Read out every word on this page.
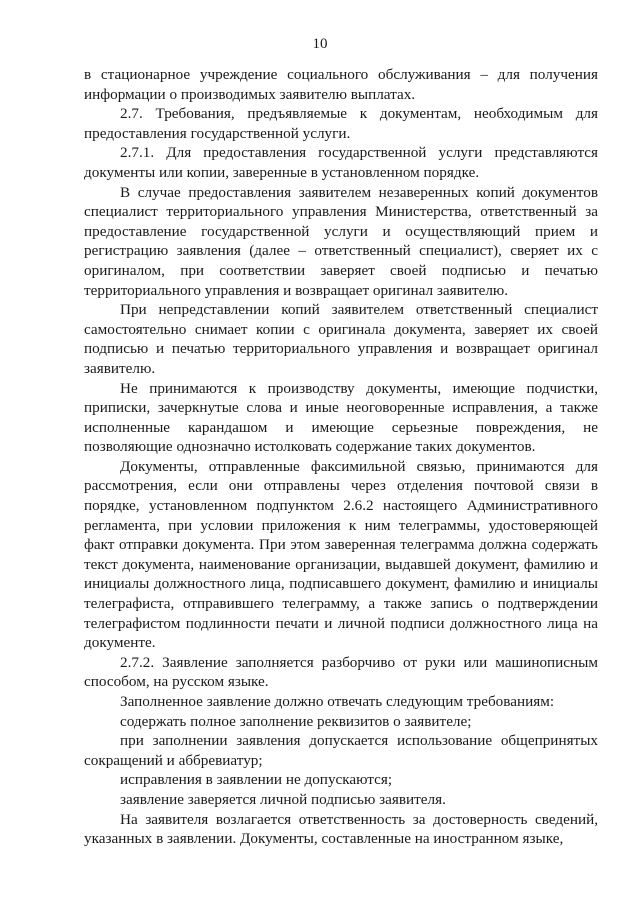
10

в стационарное учреждение социального обслуживания – для получения информации о производимых заявителю выплатах.

2.7. Требования, предъявляемые к документам, необходимым для предоставления государственной услуги.

2.7.1. Для предоставления государственной услуги представляются документы или копии, заверенные в установленном порядке.

В случае предоставления заявителем незаверенных копий документов специалист территориального управления Министерства, ответственный за предоставление государственной услуги и осуществляющий прием и регистрацию заявления (далее – ответственный специалист), сверяет их с оригиналом, при соответствии заверяет своей подписью и печатью территориального управления и возвращает оригинал заявителю.

При непредставлении копий заявителем ответственный специалист самостоятельно снимает копии с оригинала документа, заверяет их своей подписью и печатью территориального управления и возвращает оригинал заявителю.

Не принимаются к производству документы, имеющие подчистки, приписки, зачеркнутые слова и иные неоговоренные исправления, а также исполненные карандашом и имеющие серьезные повреждения, не позволяющие однозначно истолковать содержание таких документов.

Документы, отправленные факсимильной связью, принимаются для рассмотрения, если они отправлены через отделения почтовой связи в порядке, установленном подпунктом 2.6.2 настоящего Административного регламента, при условии приложения к ним телеграммы, удостоверяющей факт отправки документа. При этом заверенная телеграмма должна содержать текст документа, наименование организации, выдавшей документ, фамилию и инициалы должностного лица, подписавшего документ, фамилию и инициалы телеграфиста, отправившего телеграмму, а также запись о подтверждении телеграфистом подлинности печати и личной подписи должностного лица на документе.

2.7.2. Заявление заполняется разборчиво от руки или машинописным способом, на русском языке.

Заполненное заявление должно отвечать следующим требованиям:

содержать полное заполнение реквизитов о заявителе;

при заполнении заявления допускается использование общепринятых сокращений и аббревиатур;

исправления в заявлении не допускаются;

заявление заверяется личной подписью заявителя.

На заявителя возлагается ответственность за достоверность сведений, указанных в заявлении. Документы, составленные на иностранном языке,
